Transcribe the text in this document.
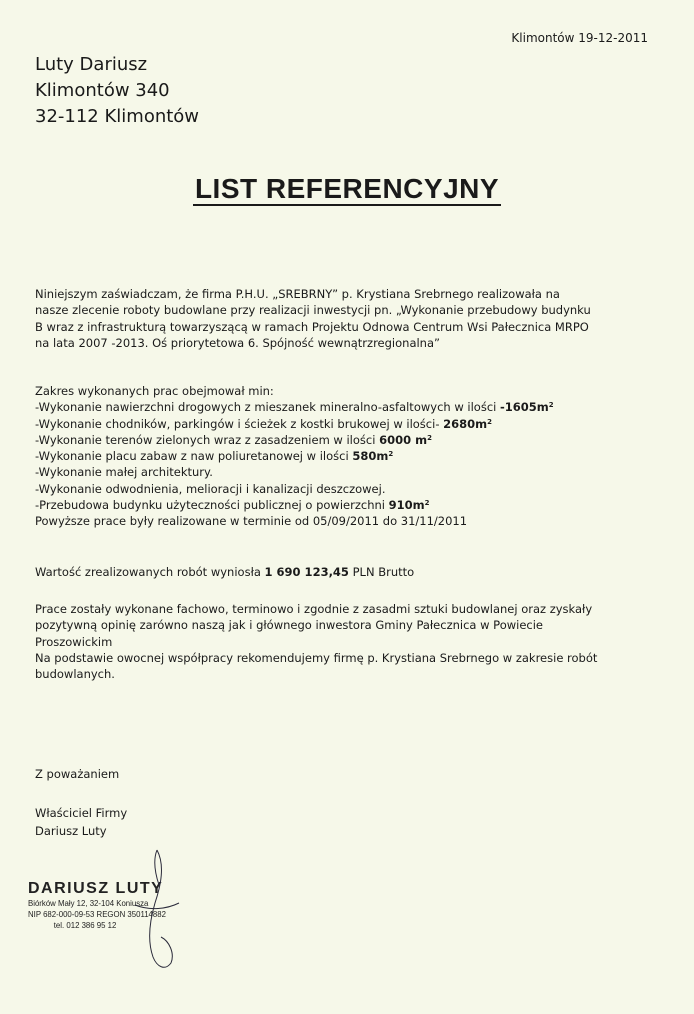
Klimontów 19-12-2011
Luty Dariusz
Klimontów 340
32-112 Klimontów
LIST REFERENCYJNY
Niniejszym zaświadczam, że firma P.H.U. „SREBRNY” p. Krystiana Srebrnego realizowała na
nasze zlecenie roboty budowlane przy realizacji inwestycji pn. „Wykonanie przebudowy budynku
B wraz z infrastrukturą towarzyszącą w ramach Projektu Odnowa Centrum Wsi Pałecznica MRPO
na lata 2007 -2013. Oś priorytetowa 6. Spójność wewnątrzregionalna”
Zakres wykonanych prac obejmował min:
-Wykonanie nawierzchni drogowych z mieszanek mineralno-asfaltowych w ilości $-1605m^2$
-Wykonanie chodników, parkingów i ścieżek z kostki brukowej w ilości- $2680m^2$
-Wykonanie terenów zielonych wraz z zasadzeniem w ilości 6000 $m^2$
-Wykonanie placu zabaw z naw poliuretanowej w ilości $580m^2$
-Wykonanie małej architektury.
-Wykonanie odwodnienia, melioracji i kanalizacji deszczowej.
-Przebudowa budynku użyteczności publicznej o powierzchni $910m^2$
Powyższe prace były realizowane w terminie od 05/09/2011 do 31/11/2011
Wartość zrealizowanych robót wyniosła 1 690 123,45 PLN Brutto
Prace zostały wykonane fachowo, terminowo i zgodnie z zasadmi sztuki budowlanej oraz zyskały
pozytywną opinię zarówno naszą jak i głównego inwestora Gminy Pałecznica w Powiecie
Proszowickim
Na podstawie owocnej współpracy rekomendujemy firmę p. Krystiana Srebrnego w zakresie robót
budowlanych.
Z poważaniem
Właściciel Firmy
Dariusz Luty
DARIUSZ LUTY
Biórków Mały 12, 32-104 Koniusza
NIP 682-000-09-53 REGON 350114882
tel. 012 386 95 12
